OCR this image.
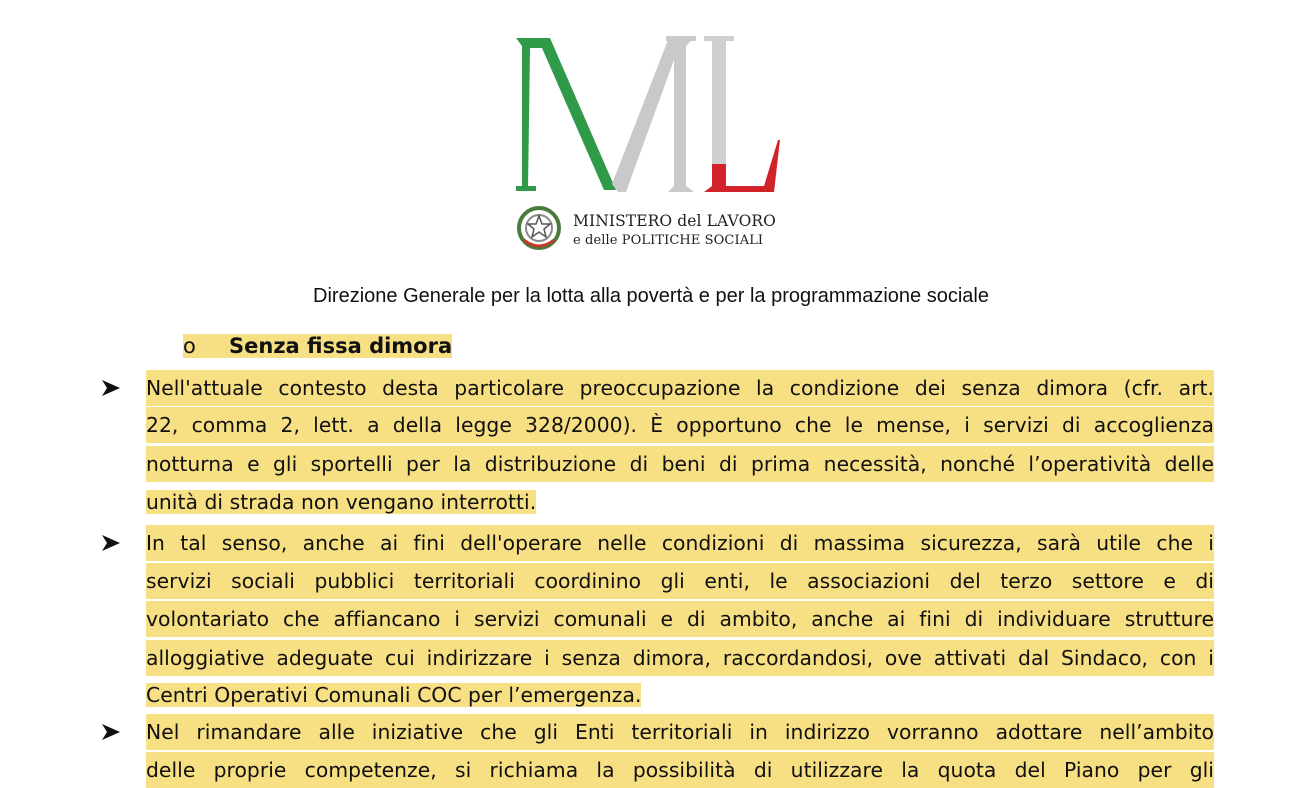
MINISTERO del LAVORO
e delle POLITICHE SOCIALI
Direzione Generale per la lotta alla povertà e per la programmazione sociale
o Senza fissa dimora
Nell'attuale contesto desta particolare preoccupazione la condizione dei senza dimora (cfr. art.
22, comma 2, lett. a della legge 328/2000). È opportuno che le mense, i servizi di accoglienza
notturna e gli sportelli per la distribuzione di beni di prima necessità, nonché l’operatività delle
unità di strada non vengano interrotti.
In tal senso, anche ai fini dell'operare nelle condizioni di massima sicurezza, sarà utile che i
servizi sociali pubblici territoriali coordinino gli enti, le associazioni del terzo settore e di
volontariato che affiancano i servizi comunali e di ambito, anche ai fini di individuare strutture
alloggiative adeguate cui indirizzare i senza dimora, raccordandosi, ove attivati dal Sindaco, con i
Centri Operativi Comunali COC per l’emergenza.
Nel rimandare alle iniziative che gli Enti territoriali in indirizzo vorranno adottare nell’ambito
delle proprie competenze, si richiama la possibilità di utilizzare la quota del Piano per gli
